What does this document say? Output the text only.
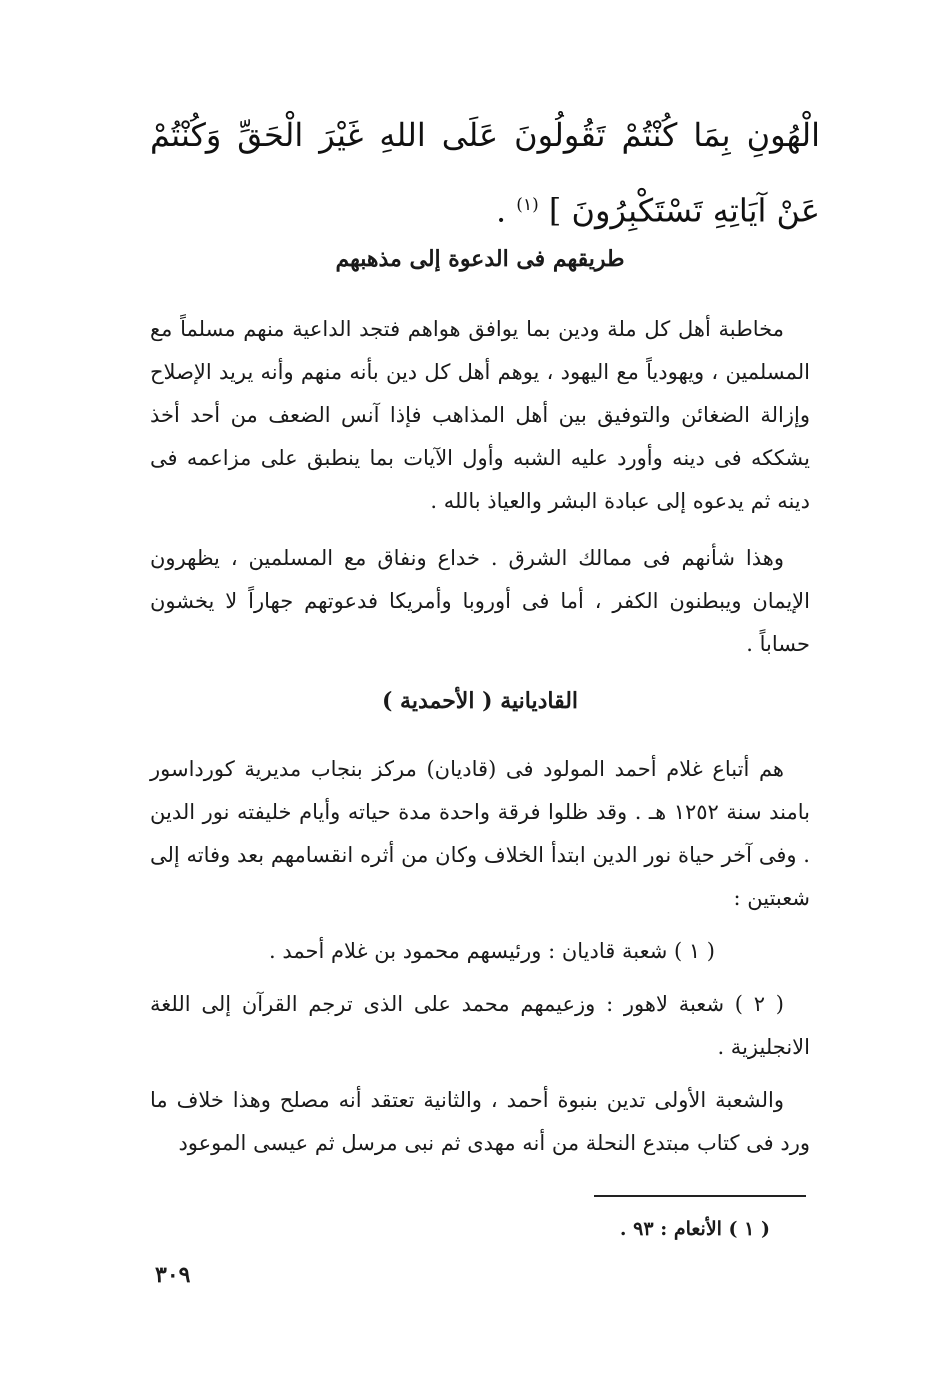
الْهُونِ بِمَا كُنْتُمْ تَقُولُونَ عَلَى اللهِ غَيْرَ الْحَقِّ وَكُنْتُمْ عَنْ آيَاتِهِ تَسْتَكْبِرُونَ ] $^{(١)}$ .
طريقهم فى الدعوة إلى مذهبهم

مخاطبة أهل كل ملة ودين بما يوافق هواهم فتجد الداعية منهم مسلماً مع المسلمين ، ويهودياً مع اليهود ، يوهم أهل كل دين بأنه منهم وأنه يريد الإصلاح وإزالة الضغائن والتوفيق بين أهل المذاهب فإذا آنس الضعف من أحد أخذ يشككه فى دينه وأورد عليه الشبه وأول الآيات بما ينطبق على مزاعمه فى دينه ثم يدعوه إلى عبادة البشر والعياذ بالله .

وهذا شأنهم فى ممالك الشرق . خداع ونفاق مع المسلمين ، يظهرون الإيمان ويبطنون الكفر ، أما فى أوروبا وأمريكا فدعوتهم جهاراً لا يخشون حساباً .

القاديانية ( الأحمدية )

هم أتباع غلام أحمد المولود فى (قاديان) مركز بنجاب مديرية كورداسور بامند سنة ١٢٥٢ هـ . وقد ظلوا فرقة واحدة مدة حياته وأيام خليفته نور الدين . وفى آخر حياة نور الدين ابتدأ الخلاف وكان من أثره انقسامهم بعد وفاته إلى شعبتين :

( ١ ) شعبة قاديان : ورئيسهم محمود بن غلام أحمد .

( ٢ ) شعبة لاهور : وزعيمهم محمد على الذى ترجم القرآن إلى اللغة الانجليزية .

والشعبة الأولى تدين بنبوة أحمد ، والثانية تعتقد أنه مصلح وهذا خلاف ما ورد فى كتاب مبتدع النحلة من أنه مهدى ثم نبى مرسل ثم عيسى الموعود

( ١ ) الأنعام : ٩٣ .
٣٠٩
